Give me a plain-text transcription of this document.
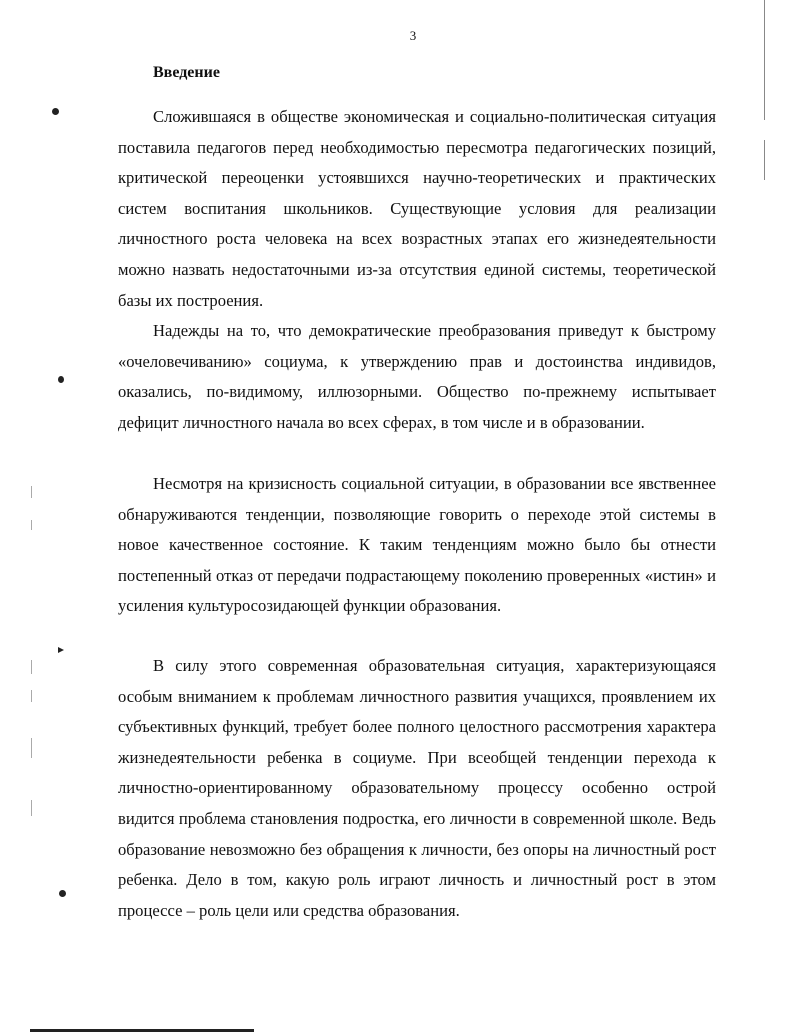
3
Введение

Сложившаяся в обществе экономическая и социально-политическая ситуация поставила педагогов перед необходимостью пересмотра педагогических позиций, критической переоценки устоявшихся научно-теоретических и практических систем воспитания школьников. Существующие условия для реализации личностного роста человека на всех возрастных этапах его жизнедеятельности можно назвать недостаточными из-за отсутствия единой системы, теоретической базы их построения.

Надежды на то, что демократические преобразования приведут к быстрому «очеловечиванию» социума, к утверждению прав и достоинства индивидов, оказались, по-видимому, иллюзорными. Общество по-прежнему испытывает дефицит личностного начала во всех сферах, в том числе и в образовании.

Несмотря на кризисность социальной ситуации, в образовании все явственнее обнаруживаются тенденции, позволяющие говорить о переходе этой системы в новое качественное состояние. К таким тенденциям можно было бы отнести постепенный отказ от передачи подрастающему поколению проверенных «истин» и усиления культуросозидающей функции образования.

В силу этого современная образовательная ситуация, характеризующаяся особым вниманием к проблемам личностного развития учащихся, проявлением их субъективных функций, требует более полного целостного рассмотрения характера жизнедеятельности ребенка в социуме. При всеобщей тенденции перехода к личностно-ориентированному образовательному процессу особенно острой видится проблема становления подростка, его личности в современной школе. Ведь образование невозможно без обращения к личности, без опоры на личностный рост ребенка. Дело в том, какую роль играют личность и личностный рост в этом процессе – роль цели или средства образования.
